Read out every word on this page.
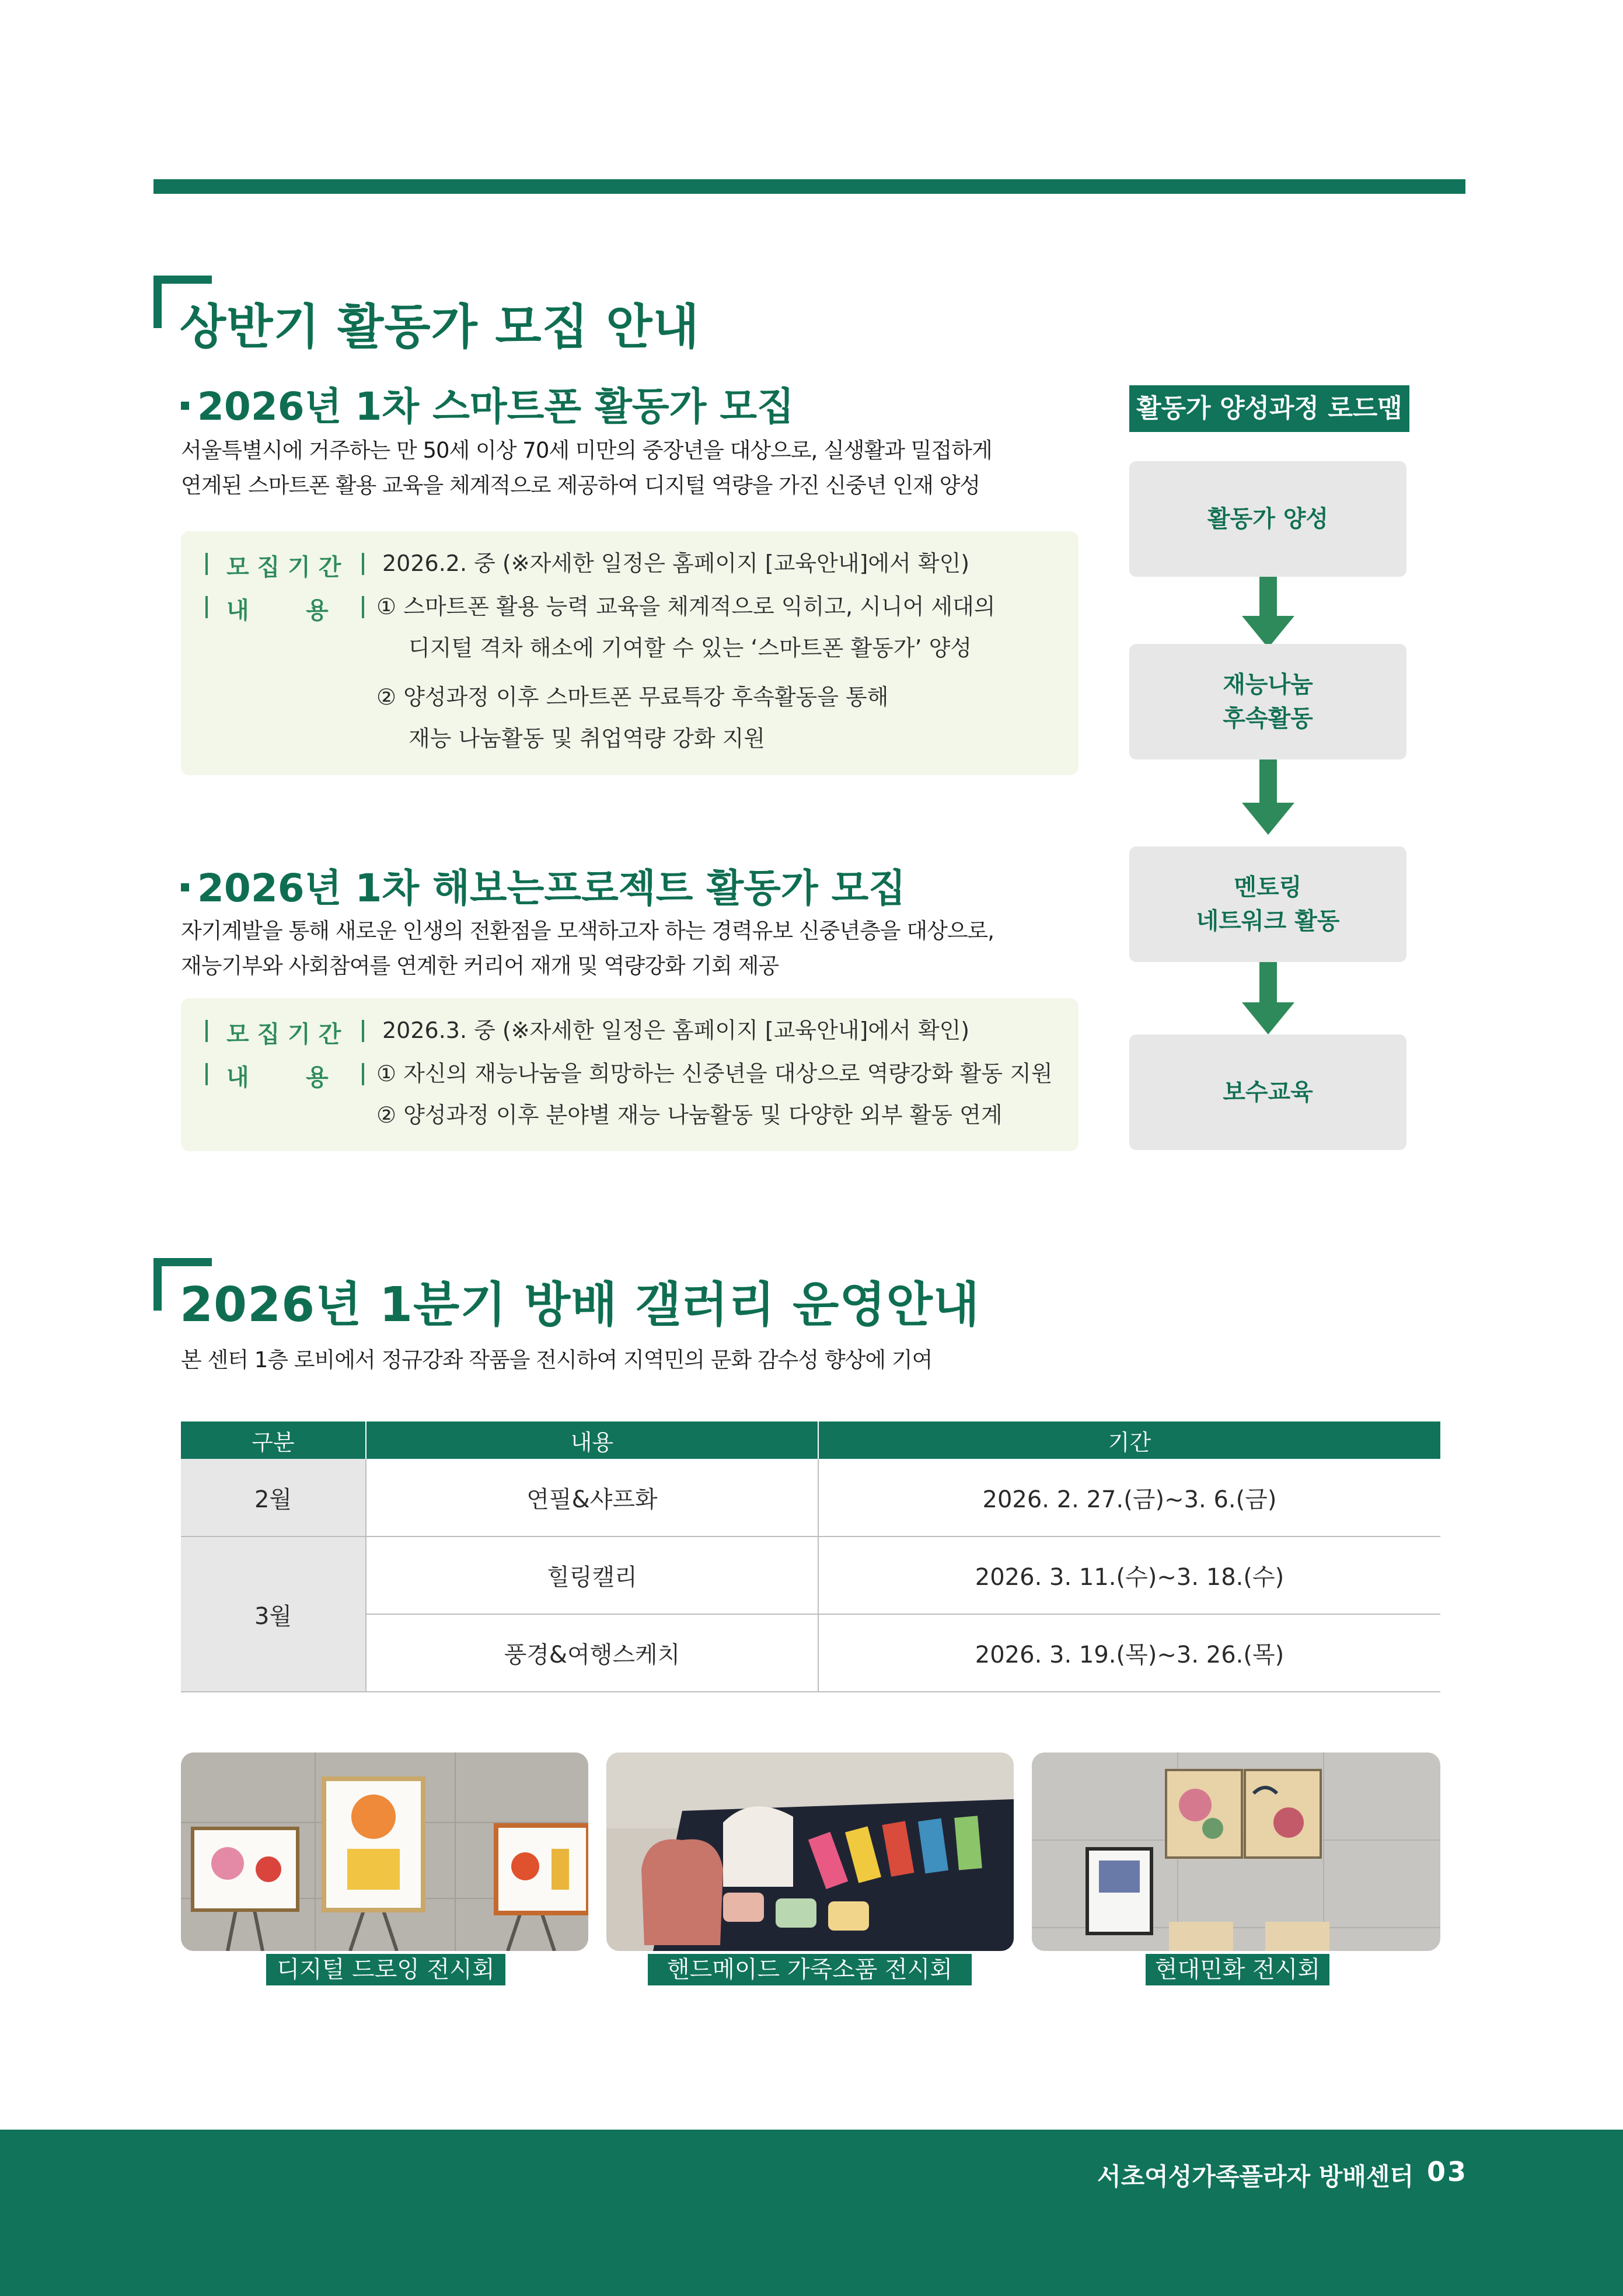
상반기 활동가 모집 안내
2026년 1차 스마트폰 활동가 모집
서울특별시에 거주하는 만 50세 이상 70세 미만의 중장년을 대상으로, 실생활과 밀접하게
연계된 스마트폰 활용 교육을 체계적으로 제공하여 디지털 역량을 가진 신중년 인재 양성
모 집 기 간 2026.2. 중 (※자세한 일정은 홈페이지 [교육안내]에서 확인)
내       용 ① 스마트폰 활용 능력 교육을 체계적으로 익히고, 시니어 세대의
디지털 격차 해소에 기여할 수 있는 ‘스마트폰 활동가’ 양성
② 양성과정 이후 스마트폰 무료특강 후속활동을 통해
재능 나눔활동 및 취업역량 강화 지원
2026년 1차 해보는프로젝트 활동가 모집
자기계발을 통해 새로운 인생의 전환점을 모색하고자 하는 경력유보 신중년층을 대상으로,
재능기부와 사회참여를 연계한 커리어 재개 및 역량강화 기회 제공
모 집 기 간 2026.3. 중 (※자세한 일정은 홈페이지 [교육안내]에서 확인)
내       용 ① 자신의 재능나눔을 희망하는 신중년을 대상으로 역량강화 활동 지원
② 양성과정 이후 분야별 재능 나눔활동 및 다양한 외부 활동 연계
활동가 양성과정 로드맵
활동가 양성
재능나눔
후속활동
멘토링
네트워크 활동
보수교육
2026년 1분기 방배 갤러리 운영안내
본 센터 1층 로비에서 정규강좌 작품을 전시하여 지역민의 문화 감수성 향상에 기여
구분	내용	기간
2월	연필&샤프화	2026. 2. 27.(금)~3. 6.(금)
3월	힐링캘리	2026. 3. 11.(수)~3. 18.(수)
	풍경&여행스케치	2026. 3. 19.(목)~3. 26.(목)
디지털 드로잉 전시회	핸드메이드 가죽소품 전시회	현대민화 전시회
서초여성가족플라자 방배센터 03
